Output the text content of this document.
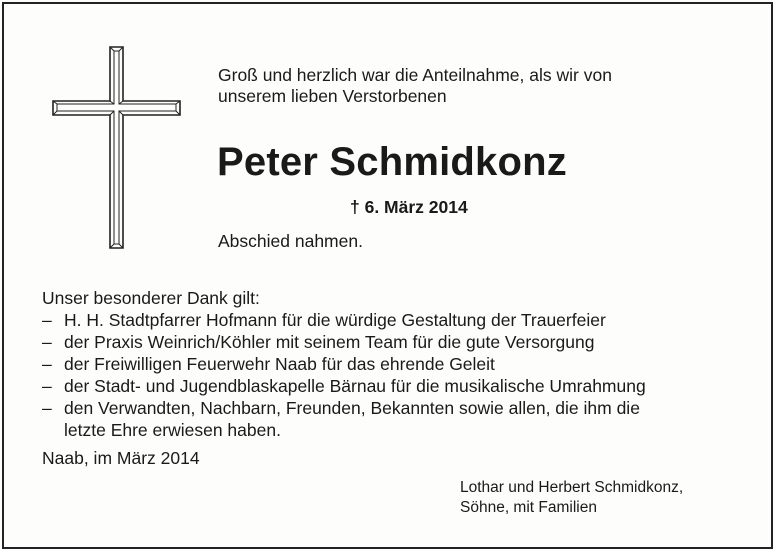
Groß und herzlich war die Anteilnahme, als wir von
unserem lieben Verstorbenen
Peter Schmidkonz
† 6. März 2014
Abschied nahmen.
Unser besonderer Dank gilt:
– H. H. Stadtpfarrer Hofmann für die würdige Gestaltung der Trauerfeier
– der Praxis Weinrich/Köhler mit seinem Team für die gute Versorgung
– der Freiwilligen Feuerwehr Naab für das ehrende Geleit
– der Stadt- und Jugendblaskapelle Bärnau für die musikalische Umrahmung
– den Verwandten, Nachbarn, Freunden, Bekannten sowie allen, die ihm die
letzte Ehre erwiesen haben.
Naab, im März 2014
Lothar und Herbert Schmidkonz,
Söhne, mit Familien
